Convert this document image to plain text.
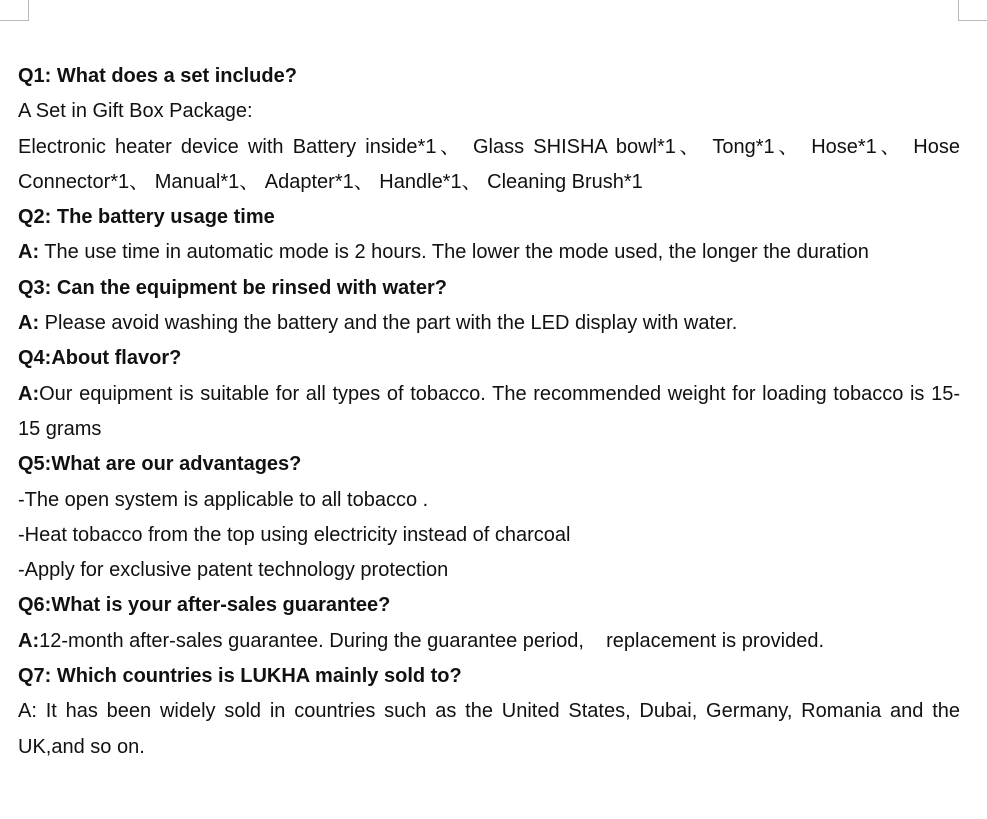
Q1: What does a set include?

A Set in Gift Box Package:

Electronic heater device with Battery inside*1、 Glass SHISHA bowl*1、 Tong*1、 Hose*1、 Hose Connector*1、 Manual*1、 Adapter*1、 Handle*1、 Cleaning Brush*1

Q2: The battery usage time

A: The use time in automatic mode is 2 hours. The lower the mode used, the longer the duration

Q3: Can the equipment be rinsed with water?

A: Please avoid washing the battery and the part with the LED display with water.

Q4:About flavor?

A:Our equipment is suitable for all types of tobacco. The recommended weight for loading tobacco is 15-15 grams

Q5:What are our advantages?

-The open system is applicable to all tobacco .

-Heat tobacco from the top using electricity instead of charcoal

-Apply for exclusive patent technology protection

Q6:What is your after-sales guarantee?

A:12-month after-sales guarantee. During the guarantee period,    replacement is provided.

Q7: Which countries is LUKHA mainly sold to?

A: It has been widely sold in countries such as the United States, Dubai, Germany, Romania and the UK,and so on.
